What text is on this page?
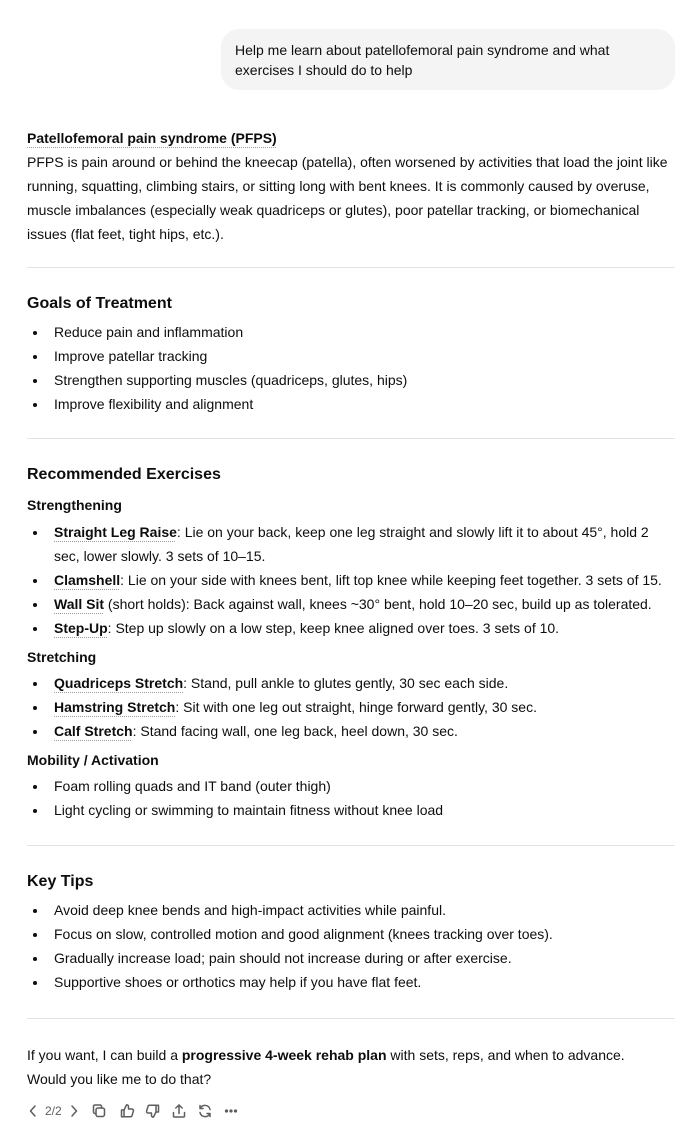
Help me learn about patellofemoral pain syndrome and what exercises I should do to help
Patellofemoral pain syndrome (PFPS)

PFPS is pain around or behind the kneecap (patella), often worsened by activities that load the joint like running, squatting, climbing stairs, or sitting long with bent knees. It is commonly caused by overuse, muscle imbalances (especially weak quadriceps or glutes), poor patellar tracking, or biomechanical issues (flat feet, tight hips, etc.).

Goals of Treatment
Reduce pain and inflammation
Improve patellar tracking
Strengthen supporting muscles (quadriceps, glutes, hips)
Improve flexibility and alignment
Recommended Exercises
Strengthening
Straight Leg Raise: Lie on your back, keep one leg straight and slowly lift it to about 45°, hold 2 sec, lower slowly. 3 sets of 10–15.
Clamshell: Lie on your side with knees bent, lift top knee while keeping feet together. 3 sets of 15.
Wall Sit (short holds): Back against wall, knees ~30° bent, hold 10–20 sec, build up as tolerated.
Step-Up: Step up slowly on a low step, keep knee aligned over toes. 3 sets of 10.
Stretching
Quadriceps Stretch: Stand, pull ankle to glutes gently, 30 sec each side.
Hamstring Stretch: Sit with one leg out straight, hinge forward gently, 30 sec.
Calf Stretch: Stand facing wall, one leg back, heel down, 30 sec.
Mobility / Activation
Foam rolling quads and IT band (outer thigh)
Light cycling or swimming to maintain fitness without knee load
Key Tips
Avoid deep knee bends and high-impact activities while painful.
Focus on slow, controlled motion and good alignment (knees tracking over toes).
Gradually increase load; pain should not increase during or after exercise.
Supportive shoes or orthotics may help if you have flat feet.

If you want, I can build a progressive 4-week rehab plan with sets, reps, and when to advance.

Would you like me to do that?

2/2
